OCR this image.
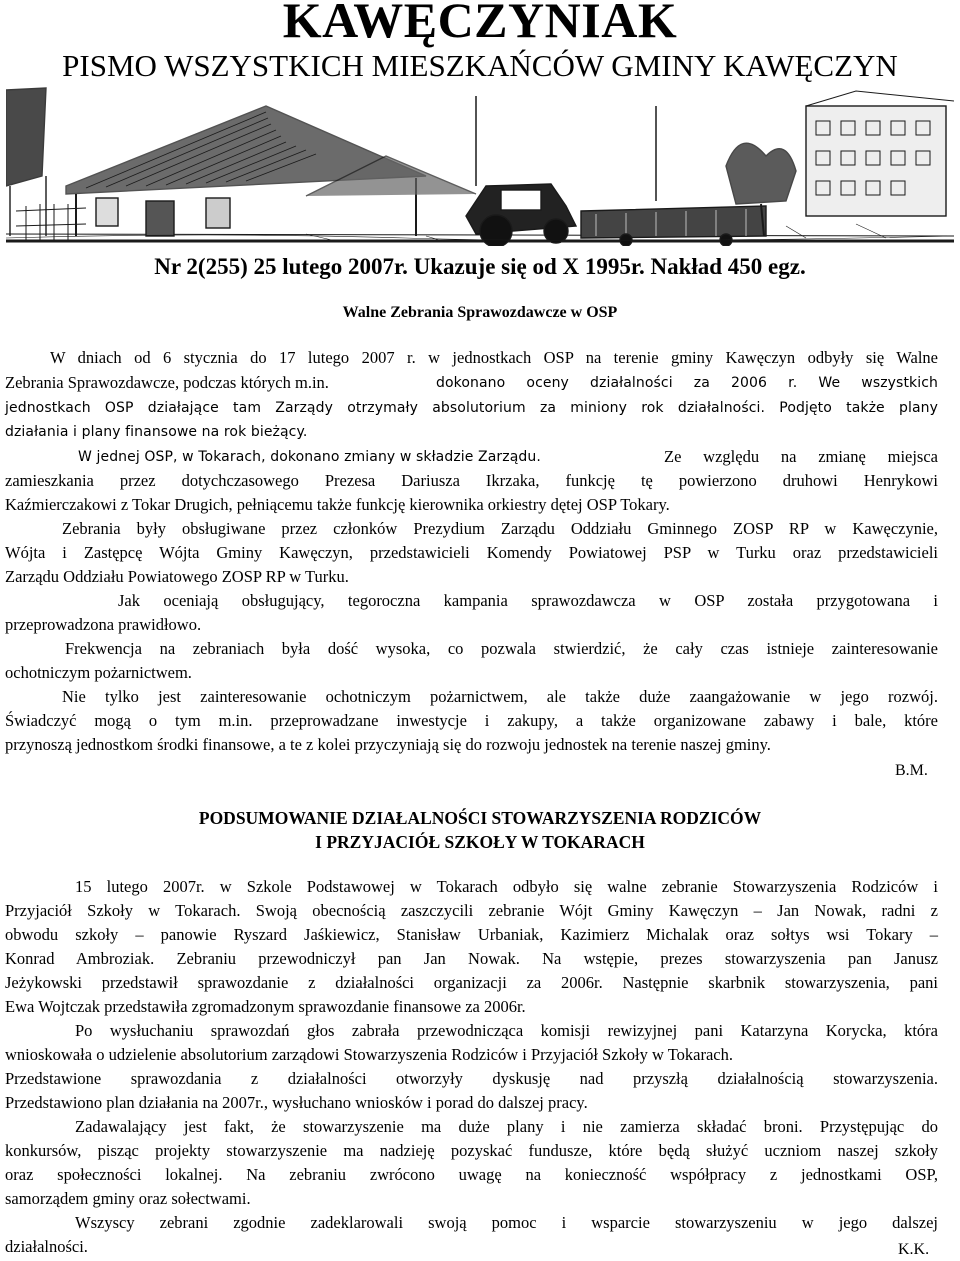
KAWĘCZYNIAK
PISMO WSZYSTKICH MIESZKAŃCÓW GMINY KAWĘCZYN
Nr 2(255) 25 lutego 2007r. Ukazuje się od X 1995r. Nakład 450 egz.
Walne Zebrania Sprawozdawcze w OSP
W dniach od 6 stycznia do 17 lutego 2007 r. w jednostkach OSP na terenie gminy Kawęczyn odbyły się Walne
Zebrania Sprawozdawcze, podczas których m.in.	dokonano oceny działalności za 2006 r. We wszystkich
jednostkach OSP działające tam Zarządy otrzymały absolutorium za miniony rok działalności. Podjęto także plany
działania i plany finansowe na rok bieżący.
W jednej OSP, w Tokarach, dokonano zmiany w składzie Zarządu.	Ze względu na zmianę miejsca
zamieszkania przez dotychczasowego Prezesa Dariusza Ikrzaka, funkcję tę powierzono druhowi Henrykowi
Kaźmierczakowi z Tokar Drugich, pełniącemu także funkcję kierownika orkiestry dętej OSP Tokary.
Zebrania były obsługiwane przez członków Prezydium Zarządu Oddziału Gminnego ZOSP RP w Kawęczynie,
Wójta i Zastępcę Wójta Gminy Kawęczyn, przedstawicieli Komendy Powiatowej PSP w Turku oraz przedstawicieli
Zarządu Oddziału Powiatowego ZOSP RP w Turku.
Jak oceniają obsługujący, tegoroczna kampania sprawozdawcza w OSP została przygotowana i
przeprowadzona prawidłowo.
Frekwencja na zebraniach była dość wysoka, co pozwala stwierdzić, że cały czas istnieje zainteresowanie
ochotniczym pożarnictwem.
Nie tylko jest zainteresowanie ochotniczym pożarnictwem, ale także duże zaangażowanie w jego rozwój.
Świadczyć mogą o tym m.in. przeprowadzane inwestycje i zakupy, a także organizowane zabawy i bale, które
przynoszą jednostkom środki finansowe, a te z kolei przyczyniają się do rozwoju jednostek na terenie naszej gminy.
B.M.
PODSUMOWANIE DZIAŁALNOŚCI STOWARZYSZENIA RODZICÓW
I PRZYJACIÓŁ SZKOŁY W TOKARACH
15 lutego 2007r. w Szkole Podstawowej w Tokarach odbyło się walne zebranie Stowarzyszenia Rodziców i
Przyjaciół Szkoły w Tokarach. Swoją obecnością zaszczycili zebranie Wójt Gminy Kawęczyn – Jan Nowak, radni z
obwodu szkoły – panowie Ryszard Jaśkiewicz, Stanisław Urbaniak, Kazimierz Michalak oraz sołtys wsi Tokary –
Konrad Ambroziak. Zebraniu przewodniczył pan Jan Nowak. Na wstępie, prezes stowarzyszenia pan Janusz
Jeżykowski przedstawił sprawozdanie z działalności organizacji za 2006r. Następnie skarbnik stowarzyszenia, pani
Ewa Wojtczak przedstawiła zgromadzonym sprawozdanie finansowe za 2006r.
Po wysłuchaniu sprawozdań głos zabrała przewodnicząca komisji rewizyjnej pani Katarzyna Korycka, która
wnioskowała o udzielenie absolutorium zarządowi Stowarzyszenia Rodziców i Przyjaciół Szkoły w Tokarach.
Przedstawione sprawozdania z działalności otworzyły dyskusję nad przyszłą działalnością stowarzyszenia.
Przedstawiono plan działania na 2007r., wysłuchano wniosków i porad do dalszej pracy.
Zadawalający jest fakt, że stowarzyszenie ma duże plany i nie zamierza składać broni. Przystępując do
konkursów, pisząc projekty stowarzyszenie ma nadzieję pozyskać fundusze, które będą służyć uczniom naszej szkoły
oraz społeczności lokalnej. Na zebraniu zwrócono uwagę na konieczność współpracy z jednostkami OSP,
samorządem gminy oraz sołectwami.
Wszyscy zebrani zgodnie zadeklarowali swoją pomoc i wsparcie stowarzyszeniu w jego dalszej
działalności.	K.K.
